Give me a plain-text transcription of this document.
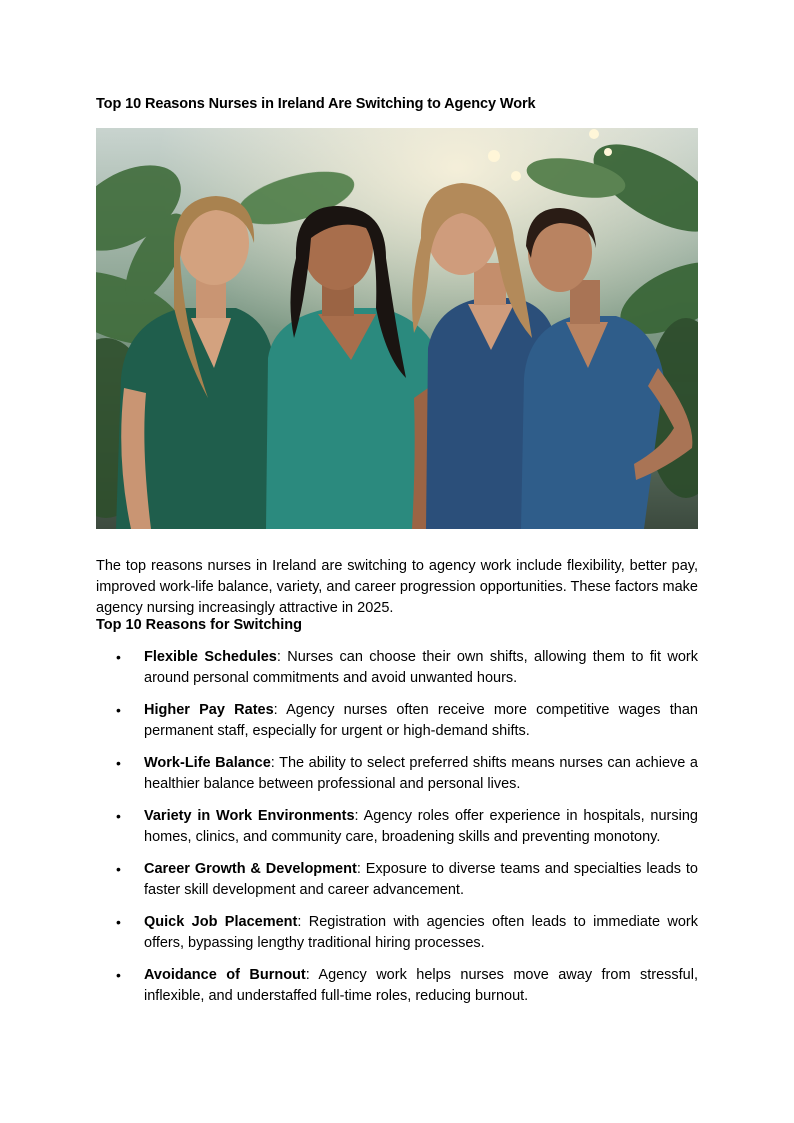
Top 10 Reasons Nurses in Ireland Are Switching to Agency Work

The top reasons nurses in Ireland are switching to agency work include flexibility, better pay, improved work-life balance, variety, and career progression opportunities. These factors make agency nursing increasingly attractive in 2025.

Top 10 Reasons for Switching
• Flexible Schedules: Nurses can choose their own shifts, allowing them to fit work around personal commitments and avoid unwanted hours.
• Higher Pay Rates: Agency nurses often receive more competitive wages than permanent staff, especially for urgent or high-demand shifts.
• Work-Life Balance: The ability to select preferred shifts means nurses can achieve a healthier balance between professional and personal lives.
• Variety in Work Environments: Agency roles offer experience in hospitals, nursing homes, clinics, and community care, broadening skills and preventing monotony.
• Career Growth & Development: Exposure to diverse teams and specialties leads to faster skill development and career advancement.
• Quick Job Placement: Registration with agencies often leads to immediate work offers, bypassing lengthy traditional hiring processes.
• Avoidance of Burnout: Agency work helps nurses move away from stressful, inflexible, and understaffed full-time roles, reducing burnout.
